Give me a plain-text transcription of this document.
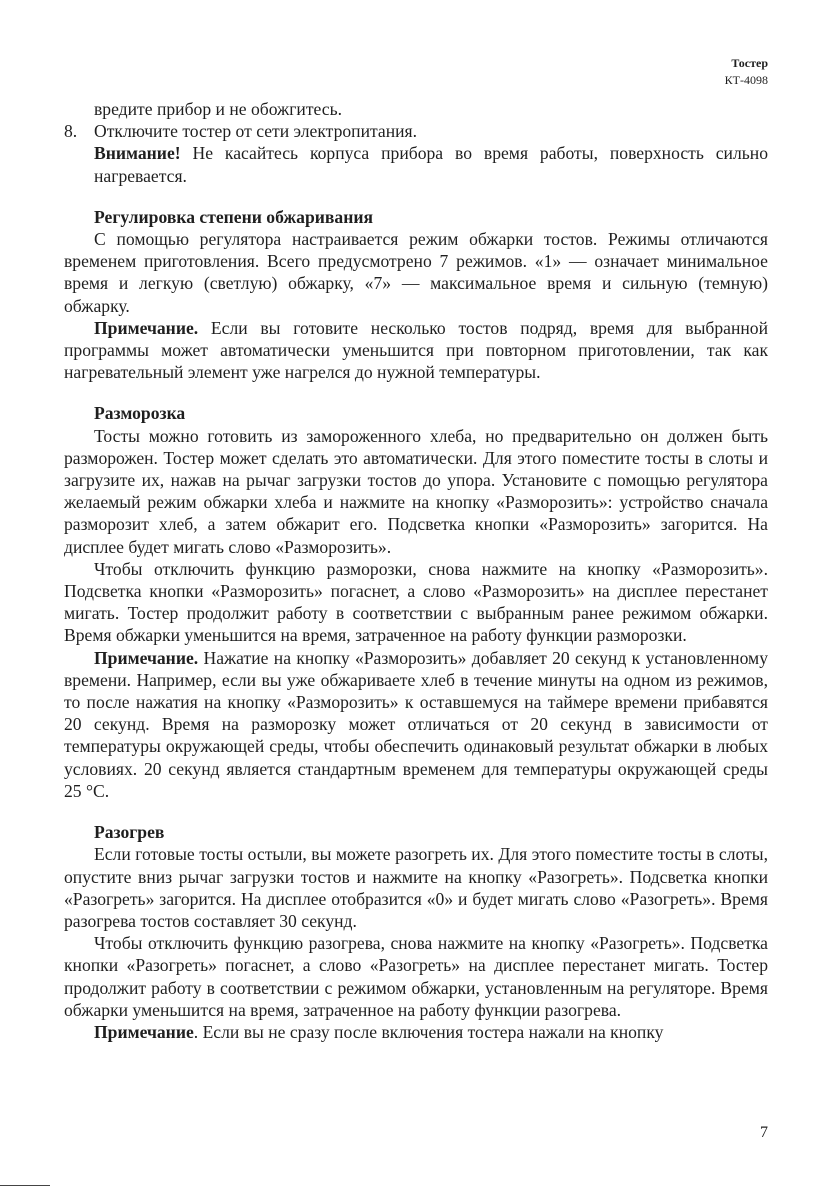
Тостер
КТ-4098

вредите прибор и не обожгитесь.

8. Отключите тостер от сети электропитания.

Внимание! Не касайтесь корпуса прибора во время работы, поверхность сильно нагревается.

Регулировка степени обжаривания

С помощью регулятора настраивается режим обжарки тостов. Режимы отличаются временем приготовления. Всего предусмотрено 7 режимов. «1» — означает минимальное время и легкую (светлую) обжарку, «7» — максимальное время и сильную (темную) обжарку.

Примечание. Если вы готовите несколько тостов подряд, время для выбранной программы может автоматически уменьшится при повторном приготовлении, так как нагревательный элемент уже нагрелся до нужной температуры.

Разморозка

Тосты можно готовить из замороженного хлеба, но предварительно он должен быть разморожен. Тостер может сделать это автоматически. Для этого поместите тосты в слоты и загрузите их, нажав на рычаг загрузки тостов до упора. Установите с помощью регулятора желаемый режим обжарки хлеба и нажмите на кнопку «Разморозить»: устройство сначала разморозит хлеб, а затем обжарит его. Подсветка кнопки «Разморозить» загорится. На дисплее будет мигать слово «Разморозить».

Чтобы отключить функцию разморозки, снова нажмите на кнопку «Разморозить». Подсветка кнопки «Разморозить» погаснет, а слово «Разморозить» на дисплее перестанет мигать. Тостер продолжит работу в соответствии с выбранным ранее режимом обжарки. Время обжарки уменьшится на время, затраченное на работу функции разморозки.

Примечание. Нажатие на кнопку «Разморозить» добавляет 20 секунд к установленному времени. Например, если вы уже обжариваете хлеб в течение минуты на одном из режимов, то после нажатия на кнопку «Разморозить» к оставшемуся на таймере времени прибавятся 20 секунд. Время на разморозку может отличаться от 20 секунд в зависимости от температуры окружающей среды, чтобы обеспечить одинаковый результат обжарки в любых условиях. 20 секунд является стандартным временем для температуры окружающей среды 25 °С.

Разогрев

Если готовые тосты остыли, вы можете разогреть их. Для этого поместите тосты в слоты, опустите вниз рычаг загрузки тостов и нажмите на кнопку «Разогреть». Подсветка кнопки «Разогреть» загорится. На дисплее отобразится «0» и будет мигать слово «Разогреть». Время разогрева тостов составляет 30 секунд.

Чтобы отключить функцию разогрева, снова нажмите на кнопку «Разогреть». Подсветка кнопки «Разогреть» погаснет, а слово «Разогреть» на дисплее перестанет мигать. Тостер продолжит работу в соответствии с режимом обжарки, установленным на регуляторе. Время обжарки уменьшится на время, затраченное на работу функции разогрева.

Примечание. Если вы не сразу после включения тостера нажали на кнопку

7
